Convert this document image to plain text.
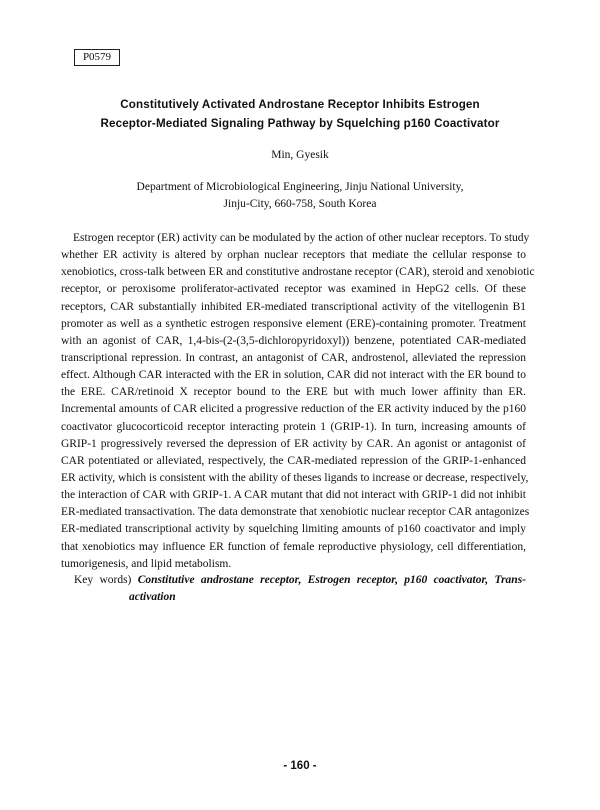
P0579
Constitutively Activated Androstane Receptor Inhibits Estrogen
Receptor-Mediated Signaling Pathway by Squelching p160 Coactivator
Min, Gyesik
Department of Microbiological Engineering, Jinju National University,
Jinju-City, 660-758, South Korea
Estrogen receptor (ER) activity can be modulated by the action of other nuclear receptors. To study
whether ER activity is altered by orphan nuclear receptors that mediate the cellular response to
xenobiotics, cross-talk between ER and constitutive androstane receptor (CAR), steroid and xenobiotic
receptor, or peroxisome proliferator-activated receptor was examined in HepG2 cells. Of these
receptors, CAR substantially inhibited ER-mediated transcriptional activity of the vitellogenin B1
promoter as well as a synthetic estrogen responsive element (ERE)-containing promoter. Treatment
with an agonist of CAR, 1,4-bis-(2-(3,5-dichloropyridoxyl)) benzene, potentiated CAR-mediated
transcriptional repression. In contrast, an antagonist of CAR, androstenol, alleviated the repression
effect. Although CAR interacted with the ER in solution, CAR did not interact with the ER bound to
the ERE. CAR/retinoid X receptor bound to the ERE but with much lower affinity than ER.
Incremental amounts of CAR elicited a progressive reduction of the ER activity induced by the p160
coactivator glucocorticoid receptor interacting protein 1 (GRIP-1). In turn, increasing amounts of
GRIP-1 progressively reversed the depression of ER activity by CAR. An agonist or antagonist of
CAR potentiated or alleviated, respectively, the CAR-mediated repression of the GRIP-1-enhanced
ER activity, which is consistent with the ability of theses ligands to increase or decrease, respectively,
the interaction of CAR with GRIP-1. A CAR mutant that did not interact with GRIP-1 did not inhibit
ER-mediated transactivation. The data demonstrate that xenobiotic nuclear receptor CAR antagonizes
ER-mediated transcriptional activity by squelching limiting amounts of p160 coactivator and imply
that xenobiotics may influence ER function of female reproductive physiology, cell differentiation,
tumorigenesis, and lipid metabolism.
Key words) Constitutive androstane receptor, Estrogen receptor, p160 coactivator, Trans-
activation
- 160 -
